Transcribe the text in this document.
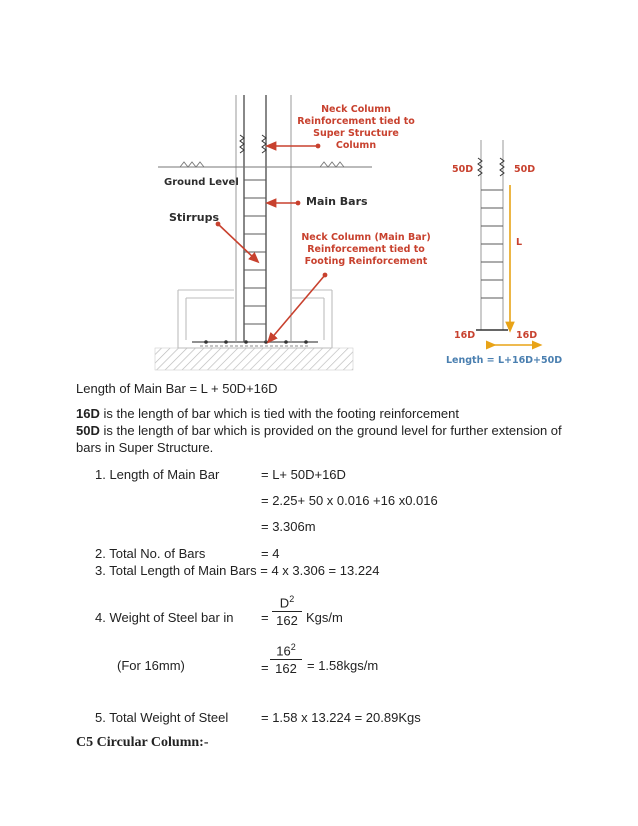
Neck Column
Reinforcement tied to
Super Structure Column
Ground Level
Main Bars
Stirrups
Neck Column (Main Bar)
Reinforcement tied to
Footing Reinforcement
50D	50D
L
16D	16D
Length = L+16D+50D
Length of Main Bar = L + 50D+16D
16D is the length of bar which is tied with the footing reinforcement
50D is the length of bar which is provided on the ground level for further extension of
bars in Super Structure.
1. Length of Main Bar	= L+ 50D+16D
= 2.25+ 50 x 0.016 +16 x0.016
= 3.306m
2. Total No. of Bars	= 4
3. Total Length of Main Bars = 4 x 3.306 = 13.224
4. Weight of Steel bar in =
$D^2$
162 Kgs/m
(For 16mm)	=
$16^2$
162 = 1.58kgs/m
5. Total Weight of Steel	= 1.58 x 13.224 = 20.89Kgs
C5 Circular Column:-
